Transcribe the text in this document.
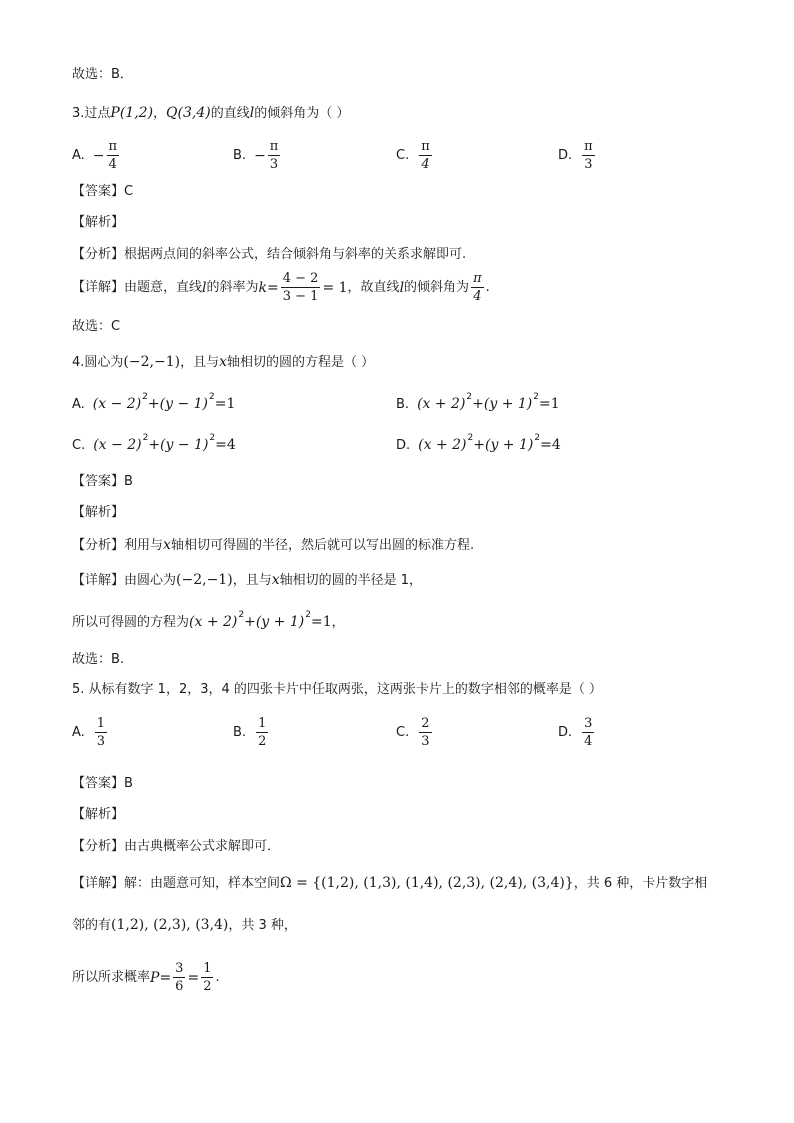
故选：B．
3. 过点 P(1,2) ， Q(3,4) 的直线 l 的倾斜角为（ ）
A. − $\frac{\pi}{4}$	B. − $\frac{\pi}{3}$	C. $\frac{\pi}{4}$	D. $\frac{\pi}{3}$
【答案】 C
【解析】
【分析】 根据两点间的斜率公式，结合倾斜角与斜率的关系求解即可.
【详解】 由题意，直线 l 的斜率为 $k = \frac{4 - 2}{3 - 1} = 1$ ，故直线 l 的倾斜角为 $\frac{\pi}{4}$ .
故选：C
4. 圆心为 (−2,−1) ，且与 x 轴相切的圆的方程是（ ）
A. (x − 2) 2 + (y − 1) 2 = 1	B. (x + 2) 2 + (y + 1) 2 = 1
C. (x − 2) 2 + (y − 1) 2 = 4	D. (x + 2) 2 + (y + 1) 2 = 4
【答案】 B
【解析】
【分析】 利用与 x 轴相切可得圆的半径，然后就可以写出圆的标准方程.
【详解】 由圆心为 (−2,−1) ，且与 x 轴相切的圆的半径是 1，
所以可得圆的方程为 (x + 2) 2 + (y + 1) 2 = 1 ，
故选：B.
5. 从标有数字 1，2，3，4 的四张卡片中任取两张，这两张卡片上的数字相邻的概率是（ ）
A. $\frac{1}{3}$	B. $\frac{1}{2}$	C. $\frac{2}{3}$	D. $\frac{3}{4}$
【答案】 B
【解析】
【分析】 由古典概率公式求解即可．
【详解】 解：由题意可知，样本空间 Ω = {(1,2), (1,3), (1,4), (2,3), (2,4), (3,4)} ，共 6 种，卡片数字相
邻的有 (1,2), (2,3), (3,4) ，共 3 种，
所以所求概率 $P = \frac{3}{6} = \frac{1}{2}$ .
